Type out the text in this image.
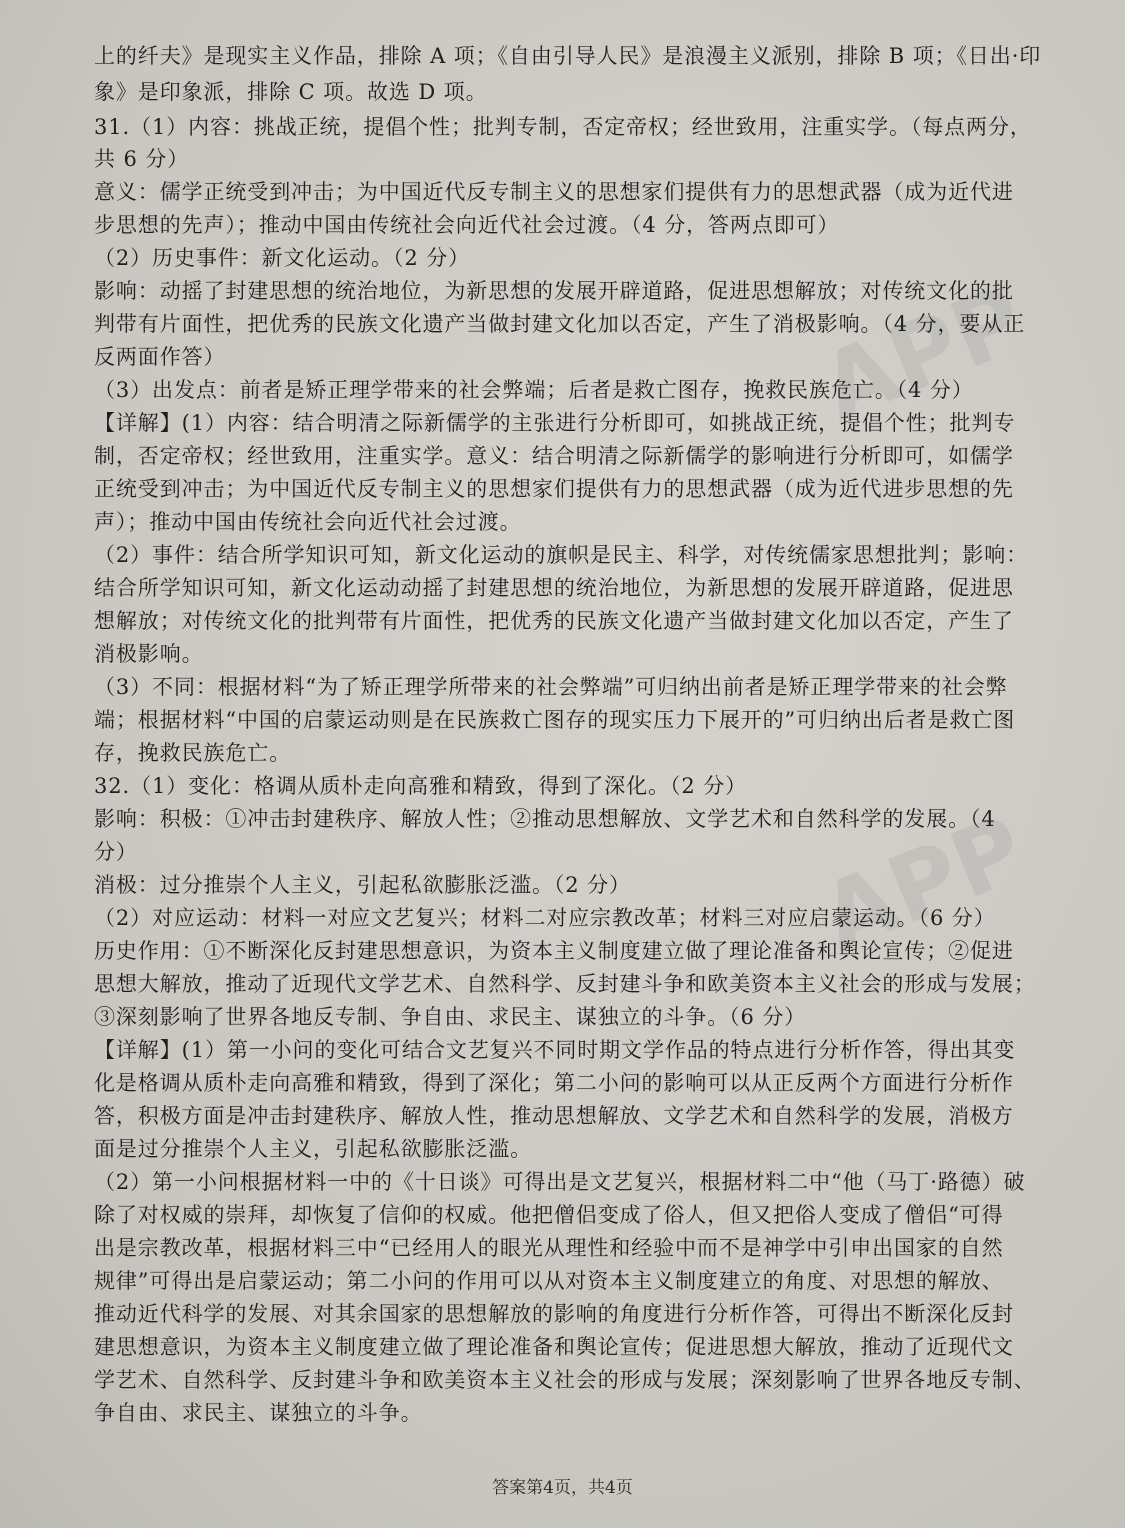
APP
APP
上的纤夫》是现实主义作品，排除 A 项；《自由引导人民》是浪漫主义派别，排除 B 项；《日出·印
象》是印象派，排除 C 项。故选 D 项。
31.（1）内容：挑战正统，提倡个性；批判专制，否定帝权；经世致用，注重实学。（每点两分，
共 6 分）
意义：儒学正统受到冲击；为中国近代反专制主义的思想家们提供有力的思想武器（成为近代进
步思想的先声）；推动中国由传统社会向近代社会过渡。（4 分，答两点即可）
（2）历史事件：新文化运动。（2 分）
影响：动摇了封建思想的统治地位，为新思想的发展开辟道路，促进思想解放；对传统文化的批
判带有片面性，把优秀的民族文化遗产当做封建文化加以否定，产生了消极影响。（4 分，要从正
反两面作答）
（3）出发点：前者是矫正理学带来的社会弊端；后者是救亡图存，挽救民族危亡。（4 分）
【详解】(1）内容：结合明清之际新儒学的主张进行分析即可，如挑战正统，提倡个性；批判专
制，否定帝权；经世致用，注重实学。意义：结合明清之际新儒学的影响进行分析即可，如儒学
正统受到冲击；为中国近代反专制主义的思想家们提供有力的思想武器（成为近代进步思想的先
声）；推动中国由传统社会向近代社会过渡。
（2）事件：结合所学知识可知，新文化运动的旗帜是民主、科学，对传统儒家思想批判；影响：
结合所学知识可知，新文化运动动摇了封建思想的统治地位，为新思想的发展开辟道路，促进思
想解放；对传统文化的批判带有片面性，把优秀的民族文化遗产当做封建文化加以否定，产生了
消极影响。
（3）不同：根据材料“为了矫正理学所带来的社会弊端”可归纳出前者是矫正理学带来的社会弊
端；根据材料“中国的启蒙运动则是在民族救亡图存的现实压力下展开的”可归纳出后者是救亡图
存，挽救民族危亡。
32.（1）变化：格调从质朴走向高雅和精致，得到了深化。（2 分）
影响：积极：①冲击封建秩序、解放人性；②推动思想解放、文学艺术和自然科学的发展。（4
分）
消极：过分推崇个人主义，引起私欲膨胀泛滥。（2 分）
（2）对应运动：材料一对应文艺复兴；材料二对应宗教改革；材料三对应启蒙运动。（6 分）
历史作用：①不断深化反封建思想意识，为资本主义制度建立做了理论准备和舆论宣传；②促进
思想大解放，推动了近现代文学艺术、自然科学、反封建斗争和欧美资本主义社会的形成与发展；
③深刻影响了世界各地反专制、争自由、求民主、谋独立的斗争。（6 分）
【详解】(1）第一小问的变化可结合文艺复兴不同时期文学作品的特点进行分析作答，得出其变
化是格调从质朴走向高雅和精致，得到了深化；第二小问的影响可以从正反两个方面进行分析作
答，积极方面是冲击封建秩序、解放人性，推动思想解放、文学艺术和自然科学的发展，消极方
面是过分推崇个人主义，引起私欲膨胀泛滥。
（2）第一小问根据材料一中的《十日谈》可得出是文艺复兴，根据材料二中“他（马丁·路德）破
除了对权威的崇拜，却恢复了信仰的权威。他把僧侣变成了俗人，但又把俗人变成了僧侣“可得
出是宗教改革，根据材料三中“已经用人的眼光从理性和经验中而不是神学中引申出国家的自然
规律”可得出是启蒙运动；第二小问的作用可以从对资本主义制度建立的角度、对思想的解放、
推动近代科学的发展、对其余国家的思想解放的影响的角度进行分析作答，可得出不断深化反封
建思想意识，为资本主义制度建立做了理论准备和舆论宣传；促进思想大解放，推动了近现代文
学艺术、自然科学、反封建斗争和欧美资本主义社会的形成与发展；深刻影响了世界各地反专制、
争自由、求民主、谋独立的斗争。
答案第4页，共4页
